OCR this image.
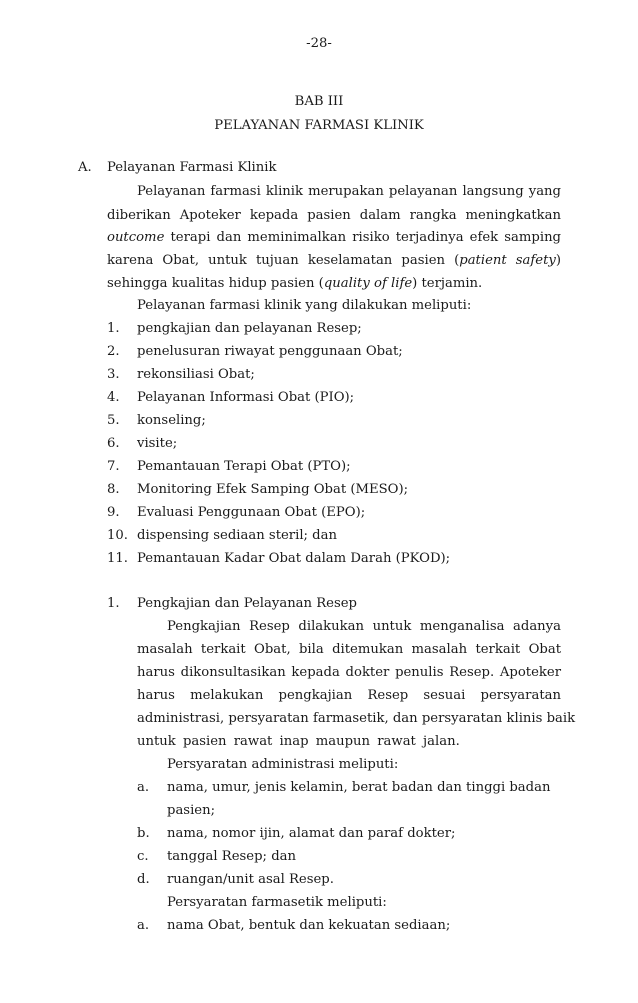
-28-
BAB III
PELAYANAN FARMASI KLINIK
A. Pelayanan Farmasi Klinik
Pelayanan farmasi klinik merupakan pelayanan langsung yang
diberikan Apoteker kepada pasien dalam rangka meningkatkan
outcome terapi dan meminimalkan risiko terjadinya efek samping
karena Obat, untuk tujuan keselamatan pasien (patient safety)
sehingga kualitas hidup pasien (quality of life) terjamin.
Pelayanan farmasi klinik yang dilakukan meliputi:
1. pengkajian dan pelayanan Resep;
2. penelusuran riwayat penggunaan Obat;
3. rekonsiliasi Obat;
4. Pelayanan Informasi Obat (PIO);
5. konseling;
6. visite;
7. Pemantauan Terapi Obat (PTO);
8. Monitoring Efek Samping Obat (MESO);
9. Evaluasi Penggunaan Obat (EPO);
10. dispensing sediaan steril; dan
11. Pemantauan Kadar Obat dalam Darah (PKOD);
1. Pengkajian dan Pelayanan Resep
Pengkajian Resep dilakukan untuk menganalisa adanya
masalah terkait Obat, bila ditemukan masalah terkait Obat
harus dikonsultasikan kepada dokter penulis Resep. Apoteker
harus melakukan pengkajian Resep sesuai persyaratan
administrasi, persyaratan farmasetik, dan persyaratan klinis baik
untuk pasien rawat inap maupun rawat jalan.
Persyaratan administrasi meliputi:
a. nama, umur, jenis kelamin, berat badan dan tinggi badan
pasien;
b. nama, nomor ijin, alamat dan paraf dokter;
c. tanggal Resep; dan
d. ruangan/unit asal Resep.
Persyaratan farmasetik meliputi:
a. nama Obat, bentuk dan kekuatan sediaan;
